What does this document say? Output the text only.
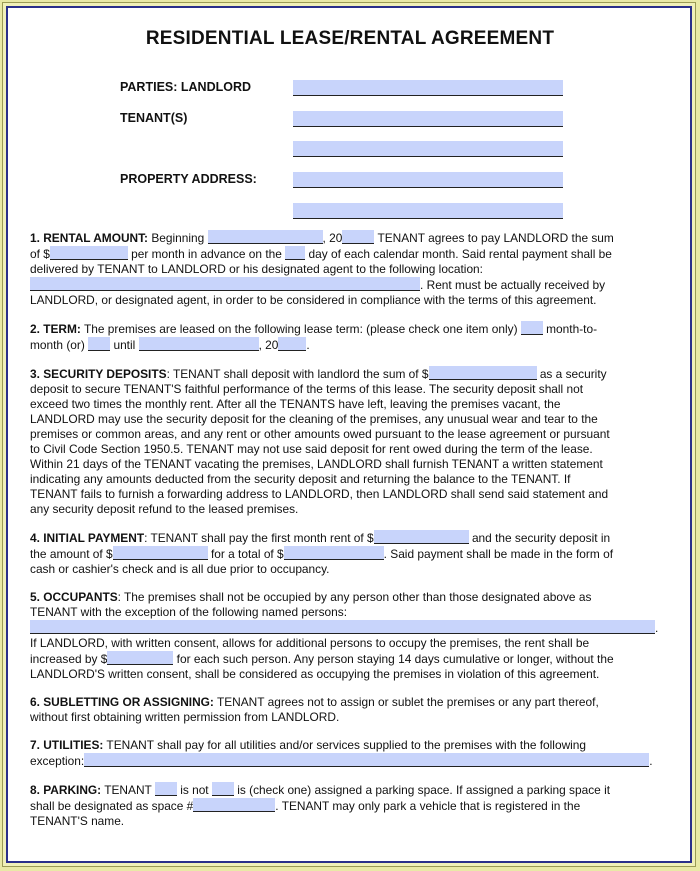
RESIDENTIAL LEASE/RENTAL AGREEMENT
PARTIES: LANDLORD
TENANT(S)
PROPERTY ADDRESS:
1. RENTAL AMOUNT: Beginning	, 20	TENANT agrees to pay LANDLORD the sum
of $	per month in advance on the  day of each calendar month. Said rental payment shall be
delivered by TENANT to LANDLORD or his designated agent to the following location:
. Rent must be actually received by
LANDLORD, or designated agent, in order to be considered in compliance with the terms of this agreement.
2. TERM: The premises are leased on the following lease term: (please check one item only)  month-to-
month (or)  until	, 20 .
3. SECURITY DEPOSITS: TENANT shall deposit with landlord the sum of $	as a security
deposit to secure TENANT'S faithful performance of the terms of this lease. The security deposit shall not
exceed two times the monthly rent. After all the TENANTS have left, leaving the premises vacant, the
LANDLORD may use the security deposit for the cleaning of the premises, any unusual wear and tear to the
premises or common areas, and any rent or other amounts owed pursuant to the lease agreement or pursuant
to Civil Code Section 1950.5. TENANT may not use said deposit for rent owed during the term of the lease.
Within 21 days of the TENANT vacating the premises, LANDLORD shall furnish TENANT a written statement
indicating any amounts deducted from the security deposit and returning the balance to the TENANT. If
TENANT fails to furnish a forwarding address to LANDLORD, then LANDLORD shall send said statement and
any security deposit refund to the leased premises.
4. INITIAL PAYMENT: TENANT shall pay the first month rent of $	and the security deposit in
the amount of $	for a total of $	. Said payment shall be made in the form of
cash or cashier's check and is all due prior to occupancy.
5. OCCUPANTS: The premises shall not be occupied by any person other than those designated above as
TENANT with the exception of the following named persons:
.
If LANDLORD, with written consent, allows for additional persons to occupy the premises, the rent shall be
increased by $	for each such person. Any person staying 14 days cumulative or longer, without the
LANDLORD'S written consent, shall be considered as occupying the premises in violation of this agreement.
6. SUBLETTING OR ASSIGNING: TENANT agrees not to assign or sublet the premises or any part thereof,
without first obtaining written permission from LANDLORD.
7. UTILITIES: TENANT shall pay for all utilities and/or services supplied to the premises with the following
exception:	.
8. PARKING: TENANT  is not  is (check one) assigned a parking space. If assigned a parking space it
shall be designated as space #	. TENANT may only park a vehicle that is registered in the
TENANT'S name.
